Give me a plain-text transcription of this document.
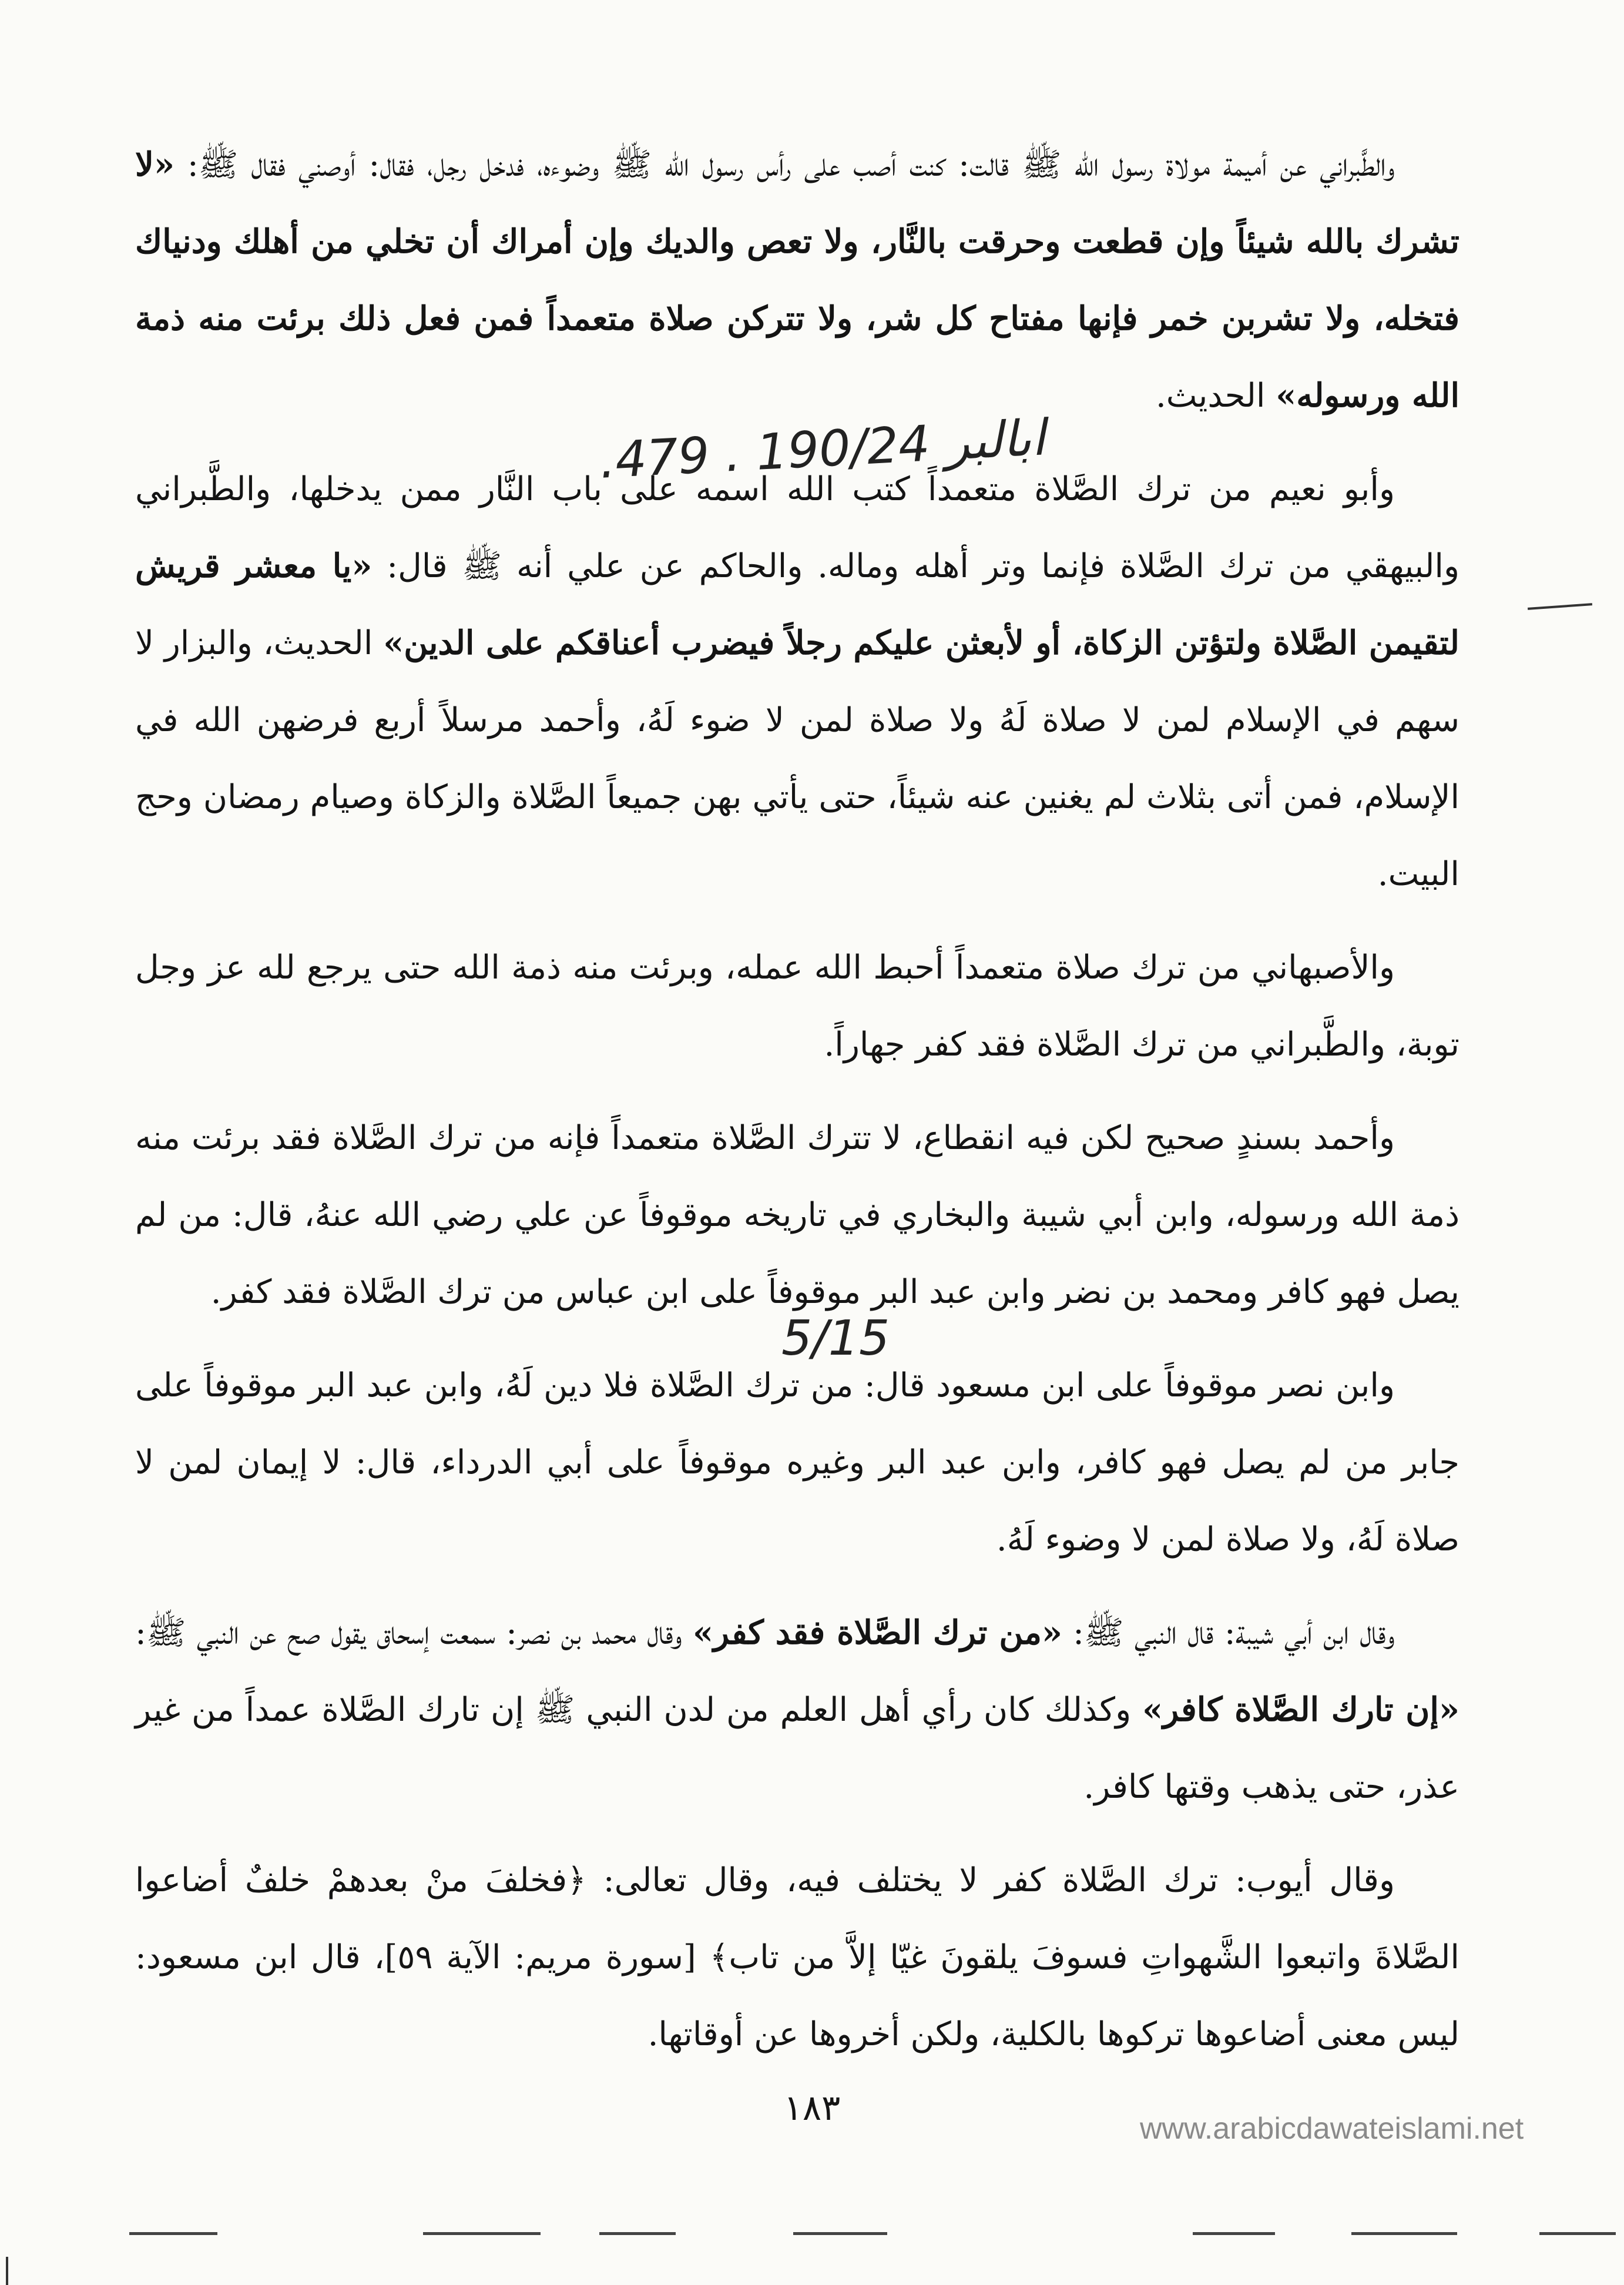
والطَّبراني عن أميمة مولاة رسول الله ﷺ قالت: كنت أصب على رأس رسول الله ﷺ وضوءه، فدخل رجل، فقال: أوصني فقال ﷺ: «لا تشرك بالله شيئاً وإن قطعت وحرقت بالنَّار، ولا تعص والديك وإن أمراك أن تخلي من أهلك ودنياك فتخله، ولا تشربن خمر فإنها مفتاح كل شر، ولا تتركن صلاة متعمداً فمن فعل ذلك برئت منه ذمة الله ورسوله» الحديث.

وأبو نعيم من ترك الصَّلاة متعمداً كتب الله اسمه على باب النَّار ممن يدخلها، والطَّبراني والبيهقي من ترك الصَّلاة فإنما وتر أهله وماله. والحاكم عن علي أنه ﷺ قال: «يا معشر قريش لتقيمن الصَّلاة ولتؤتن الزكاة، أو لأبعثن عليكم رجلاً فيضرب أعناقكم على الدين» الحديث، والبزار لا سهم في الإسلام لمن لا صلاة لَهُ ولا صلاة لمن لا ضوء لَهُ، وأحمد مرسلاً أربع فرضهن الله في الإسلام، فمن أتى بثلاث لم يغنين عنه شيئاً، حتى يأتي بهن جميعاً الصَّلاة والزكاة وصيام رمضان وحج البيت.

والأصبهاني من ترك صلاة متعمداً أحبط الله عمله، وبرئت منه ذمة الله حتى يرجع لله عز وجل توبة، والطَّبراني من ترك الصَّلاة فقد كفر جهاراً.

وأحمد بسندٍ صحيح لكن فيه انقطاع، لا تترك الصَّلاة متعمداً فإنه من ترك الصَّلاة فقد برئت منه ذمة الله ورسوله، وابن أبي شيبة والبخاري في تاريخه موقوفاً عن علي رضي الله عنهُ، قال: من لم يصل فهو كافر ومحمد بن نضر وابن عبد البر موقوفاً على ابن عباس من ترك الصَّلاة فقد كفر.

وابن نصر موقوفاً على ابن مسعود قال: من ترك الصَّلاة فلا دين لَهُ، وابن عبد البر موقوفاً على جابر من لم يصل فهو كافر، وابن عبد البر وغيره موقوفاً على أبي الدرداء، قال: لا إيمان لمن لا صلاة لَهُ، ولا صلاة لمن لا وضوء لَهُ.

وقال ابن أبي شيبة: قال النبي ﷺ: «من ترك الصَّلاة فقد كفر» وقال محمد بن نصر: سمعت إسحاق يقول صح عن النبي ﷺ: «إن تارك الصَّلاة كافر» وكذلك كان رأي أهل العلم من لدن النبي ﷺ إن تارك الصَّلاة عمداً من غير عذر، حتى يذهب وقتها كافر.

وقال أيوب: ترك الصَّلاة كفر لا يختلف فيه، وقال تعالى: ﴿فخلفَ منْ بعدهمْ خلفٌ أضاعوا الصَّلاةَ واتبعوا الشَّهواتِ فسوفَ يلقونَ غيّا إلاَّ من تاب﴾ [سورة مريم: الآية ٥٩]، قال ابن مسعود: ليس معنى أضاعوها تركوها بالكلية، ولكن أخروها عن أوقاتها.

.479 . 190/24 ابالبر
5/15
١٨٣	www.arabicdawateislami.net
